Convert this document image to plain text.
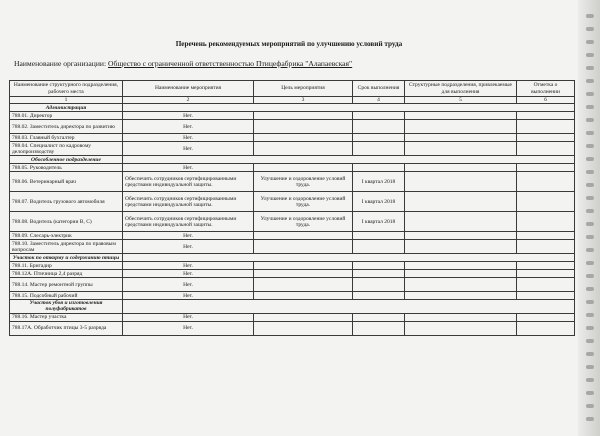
Перечень рекомендуемых мероприятий по улучшению условий труда
Наименование организации: Общество с ограниченной ответственностью Птицефабрика "Алапаевская"
Наименование структурного подразделения, рабочего места	Наименование мероприятия	Цель мероприятия	Срок выполнения	Структурные подразделения, привлекаемые для выполнения	Отметка о выполнении
1	2	3	4	5	6
Администрация					
788.01. Директор	Нет.				
788.02. Заместитель директора по развитию	Нет.				
788.03. Главный бухгалтер	Нет.				
788.04. Специалист по кадровому делопроизводству	Нет.				
Обособленное подразделение					
788.05. Руководитель	Нет.				
788.06. Ветеринарный врач	Обеспечить сотрудников сертифицированными средствами индивидуальной защиты.	Улучшение и оздоровление условий труда.	I квартал 2018		
788.07. Водитель грузового автомобиля	Обеспечить сотрудников сертифицированными средствами индивидуальной защиты.	Улучшение и оздоровление условий труда.	I квартал 2018		
788.08. Водитель (категории B, C)	Обеспечить сотрудников сертифицированными средствами индивидуальной защиты.	Улучшение и оздоровление условий труда.	I квартал 2018		
788.09. Слесарь-электрик	Нет.				
788.10. Заместитель директора по правовым вопросам	Нет.				
Участок по откорму и содержанию птицы					
788.11. Бригадир	Нет.				
788.12А. Птичница 2,4 разряд	Нет.				
788.14. Мастер ремонтной группы	Нет.				
788.15. Подсобный рабочий	Нет.				
Участок убоя и изготовления полуфабрикатов					
788.16. Мастер участка	Нет.				
788.17А. Обработчик птицы 3-5 разряда	Нет.				
